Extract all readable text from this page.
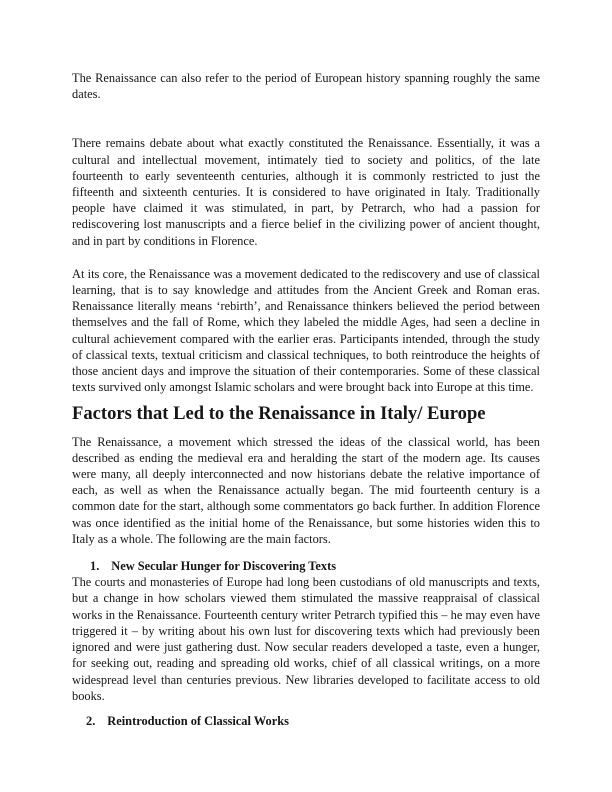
The Renaissance can also refer to the period of European history spanning roughly the same dates.

There remains debate about what exactly constituted the Renaissance. Essentially, it was a cultural and intellectual movement, intimately tied to society and politics, of the late fourteenth to early seventeenth centuries, although it is commonly restricted to just the fifteenth and sixteenth centuries. It is considered to have originated in Italy. Traditionally people have claimed it was stimulated, in part, by Petrarch, who had a passion for rediscovering lost manuscripts and a fierce belief in the civilizing power of ancient thought, and in part by conditions in Florence.

At its core, the Renaissance was a movement dedicated to the rediscovery and use of classical learning, that is to say knowledge and attitudes from the Ancient Greek and Roman eras. Renaissance literally means ‘rebirth’, and Renaissance thinkers believed the period between themselves and the fall of Rome, which they labeled the middle Ages, had seen a decline in cultural achievement compared with the earlier eras. Participants intended, through the study of classical texts, textual criticism and classical techniques, to both reintroduce the heights of those ancient days and improve the situation of their contemporaries. Some of these classical texts survived only amongst Islamic scholars and were brought back into Europe at this time.

Factors that Led to the Renaissance in Italy/ Europe

The Renaissance, a movement which stressed the ideas of the classical world, has been described as ending the medieval era and heralding the start of the modern age. Its causes were many, all deeply interconnected and now historians debate the relative importance of each, as well as when the Renaissance actually began. The mid fourteenth century is a common date for the start, although some commentators go back further. In addition Florence was once identified as the initial home of the Renaissance, but some histories widen this to Italy as a whole. The following are the main factors.

1. New Secular Hunger for Discovering Texts

The courts and monasteries of Europe had long been custodians of old manuscripts and texts, but a change in how scholars viewed them stimulated the massive reappraisal of classical works in the Renaissance. Fourteenth century writer Petrarch typified this – he may even have triggered it – by writing about his own lust for discovering texts which had previously been ignored and were just gathering dust. Now secular readers developed a taste, even a hunger, for seeking out, reading and spreading old works, chief of all classical writings, on a more widespread level than centuries previous. New libraries developed to facilitate access to old books.

2. Reintroduction of Classical Works
